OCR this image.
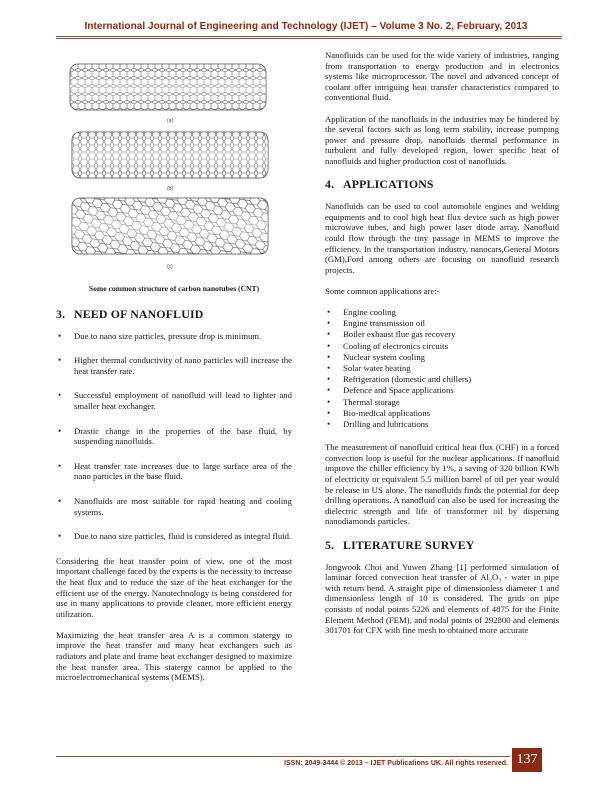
International Journal of Engineering and Technology (IJET) – Volume 3 No. 2, February, 2013
(a)
(b)
(c)
Some common structure of carbon nanotubes (CNT)
3. NEED OF NANOFLUID
• Due to nano size particles, pressure drop is minimum.
• Higher thermal conductivity of nano particles will increase the heat transfer rate.
• Successful employment of nanofluid will lead to lighter and smaller heat exchanger.
• Drastic change in the properties of the base fluid, by suspending nanofluids.
• Heat transfer rate increases due to large surface area of the nano particles in the base fluid.
• Nanofluids are most suitable for rapid heating and cooling systems.
• Due to nano size particles, fluid is considered as integral fluid.

Considering the heat transfer point of view, one of the most important challenge faced by the experts is the necessity to increase the heat flux and to reduce the size of the heat exchanger for the efficient use of the energy. Nanotechnology is being considered for use in many applications to provide cleaner, more efficient energy utilization.

Maximizing the heat transfer area A is a common statergy to improve the heat transfer and many heat exchangers such as radiators and plate and frame heat exchanger designed to maximize the heat transfer area. This statergy cannot be applied to the microelectromechanical systems (MEMS).

Nanofluids can be used for the wide variety of industries, ranging from transportation to energy production and in electronics systems like microprocessor. The novel and advanced concept of coolant offer intriguing heat transfer characteristics compared to conventional fluid.

Application of the nanofluids in the industries may be hindered by the several factors such as long term stability, increase pumping power and pressure drop, nanofluids thermal performance in turbulent and fully developed region, lower specific heat of nanofluids and higher production cost of nanofluids.

4. APPLICATIONS

Nanofluids can be used to cool automobile engines and welding equipments and to cool high heat flux device such as high power microwave tubes, and high power laser diode array. Nanofluid could flow through the tiny passage in MEMS to improve the efficiency. In the transportation industry, nanocars,General Motors (GM),Ford among others are focusing on nanofluid research projects.

Some common applications are:-

• Engine cooling
• Engine transmission oil
• Boiler exhaust flue gas recovery
• Cooling of electronics circuits
• Nuclear system cooling
• Solar water heating
• Refrigeration (domestic and chillers)
• Defence and Space applications
• Thermal storage
• Bio-medical applications
• Drilling and lubrications

The measurement of nanofluid critical heat flux (CHF) in a forced convection loop is useful for the nuclear applications. If nanofluid improve the chiller efficiency by 1%, a saving of 320 billion KWh of electricity or equivalent 5.5 million barrel of oil per year would be release in US alone. The nanofluids finds the potential for deep drilling operations. A nanofluid can also be used for increasing the dielectric strength and life of transformer oil by dispersing nanodiamonds particles.

5. LITERATURE SURVEY

Jongwook Choi and Yuwen Zhang [1] performed simulation of laminar forced convection heat transfer of Al₂O₃ - water in pipe with return bend. A straight pipe of dimensionless diameter 1 and dimensionless length of 10 is considered. The grids on pipe consists of nodal points 5226 and elements of 4875 for the Finite Element Method (FEM), and nodal points of 292800 and elements 301701 for CFX with fine mesh to obtained more accurate

ISSN: 2049-3444 © 2013 – IJET Publications UK. All rights reserved. 137
